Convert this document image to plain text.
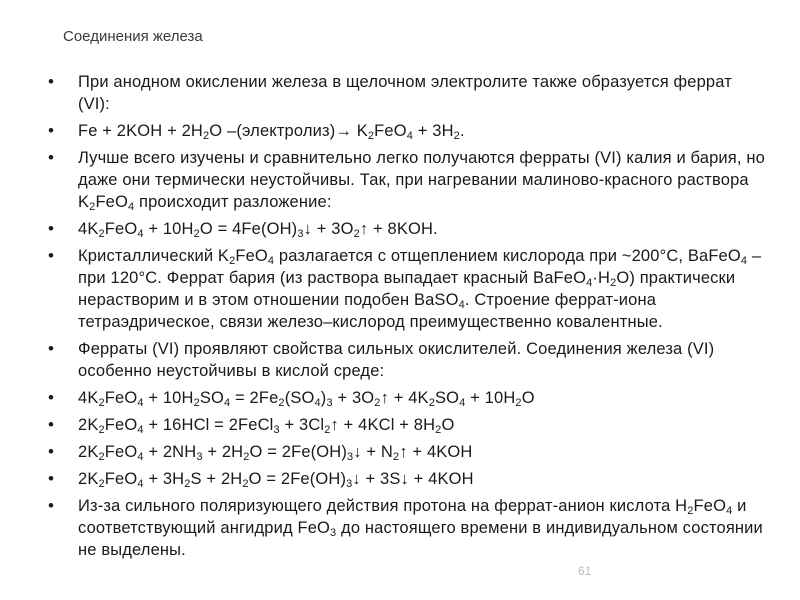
Соединения железа
• При анодном окислении железа в щелочном электролите также образуется феррат (VI):
• $Fe + 2KOH + 2H_2O$ –(электролиз)→ $K_2FeO_4 + 3H_2$.
• Лучше всего изучены и сравнительно легко получаются ферраты (VI) калия и бария, но даже они термически неустойчивы. Так, при нагревании малиново-красного раствора $K_2FeO_4$ происходит разложение:
• $4K_2FeO_4 + 10H_2O$ = $4Fe(OH)_3↓$ + $3O_2↑ + 8KOH$.
• Кристаллический $K_2FeO_4$ разлагается с отщеплением кислорода при ~200°C, BaFeO$_4$ – при 120°C. Феррат бария (из раствора выпадает красный $BaFeO_4\cdot H_2O$) практически нерастворим и в этом отношении подобен BaSO$_4$. Строение феррат-иона тетраэдрическое, связи железо–кислород преимущественно ковалентные.
• Ферраты (VI) проявляют свойства сильных окислителей. Соединения железа (VI) особенно неустойчивы в кислой среде:
• $4K_2FeO_4 + 10H_2SO_4 = 2Fe_2(SO_4)_3$ + $3O_2↑ + 4K_2SO_4 + 10H_2O$
• $2K_2FeO_4 + 16HCl$ = 2FeCl$_3$ + $3Cl_2↑ + 4KCl + 8H_2O$
• $2K_2FeO_4 + 2NH_3 + 2H_2O$ = $2Fe(OH)_3↓$ + $N_2↑ + 4KOH$
• $2K_2FeO_4 + 3H_2S + 2H_2O$ = $2Fe(OH)_3↓$ + 3S↓ + 4KOH
• Из-за сильного поляризующего действия протона на феррат-анион кислота $H_2FeO_4$ и соответствующий ангидрид FeO$_3$ до настоящего времени в индивидуальном состоянии не выделены.
61
